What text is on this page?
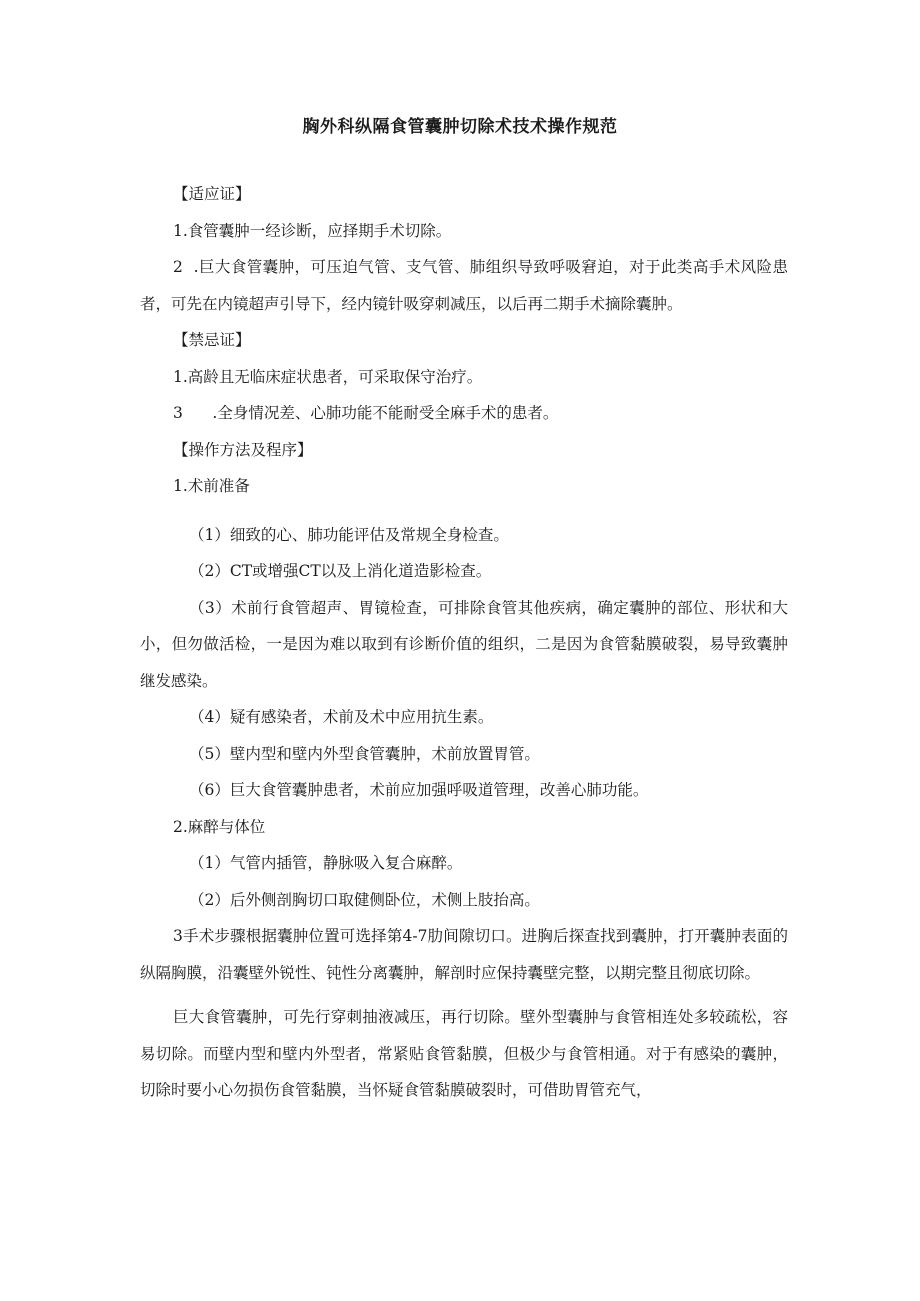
胸外科纵隔食管囊肿切除术技术操作规范

【适应证】

1.食管囊肿一经诊断，应择期手术切除。

2  .巨大食管囊肿，可压迫气管、支气管、肺组织导致呼吸窘迫，对于此类高手术风险患者，可先在内镜超声引导下，经内镜针吸穿刺减压，以后再二期手术摘除囊肿。

【禁忌证】

1.高龄且无临床症状患者，可采取保守治疗。

3      .全身情况差、心肺功能不能耐受全麻手术的患者。

【操作方法及程序】

1.术前准备

（1）细致的心、肺功能评估及常规全身检查。

（2）CT或增强CT以及上消化道造影检查。

（3）术前行食管超声、胃镜检查，可排除食管其他疾病，确定囊肿的部位、形状和大小，但勿做活检，一是因为难以取到有诊断价值的组织，二是因为食管黏膜破裂，易导致囊肿继发感染。

（4）疑有感染者，术前及术中应用抗生素。

（5）壁内型和壁内外型食管囊肿，术前放置胃管。

（6）巨大食管囊肿患者，术前应加强呼吸道管理，改善心肺功能。

2.麻醉与体位

（1）气管内插管，静脉吸入复合麻醉。

（2）后外侧剖胸切口取健侧卧位，术侧上肢抬高。

3手术步骤根据囊肿位置可选择第4-7肋间隙切口。进胸后探查找到囊肿，打开囊肿表面的纵隔胸膜，沿囊壁外锐性、钝性分离囊肿，解剖时应保持囊壁完整，以期完整且彻底切除。

巨大食管囊肿，可先行穿刺抽液减压，再行切除。壁外型囊肿与食管相连处多较疏松，容易切除。而壁内型和壁内外型者，常紧贴食管黏膜，但极少与食管相通。对于有感染的囊肿，切除时要小心勿损伤食管黏膜，当怀疑食管黏膜破裂时，可借助胃管充气，
